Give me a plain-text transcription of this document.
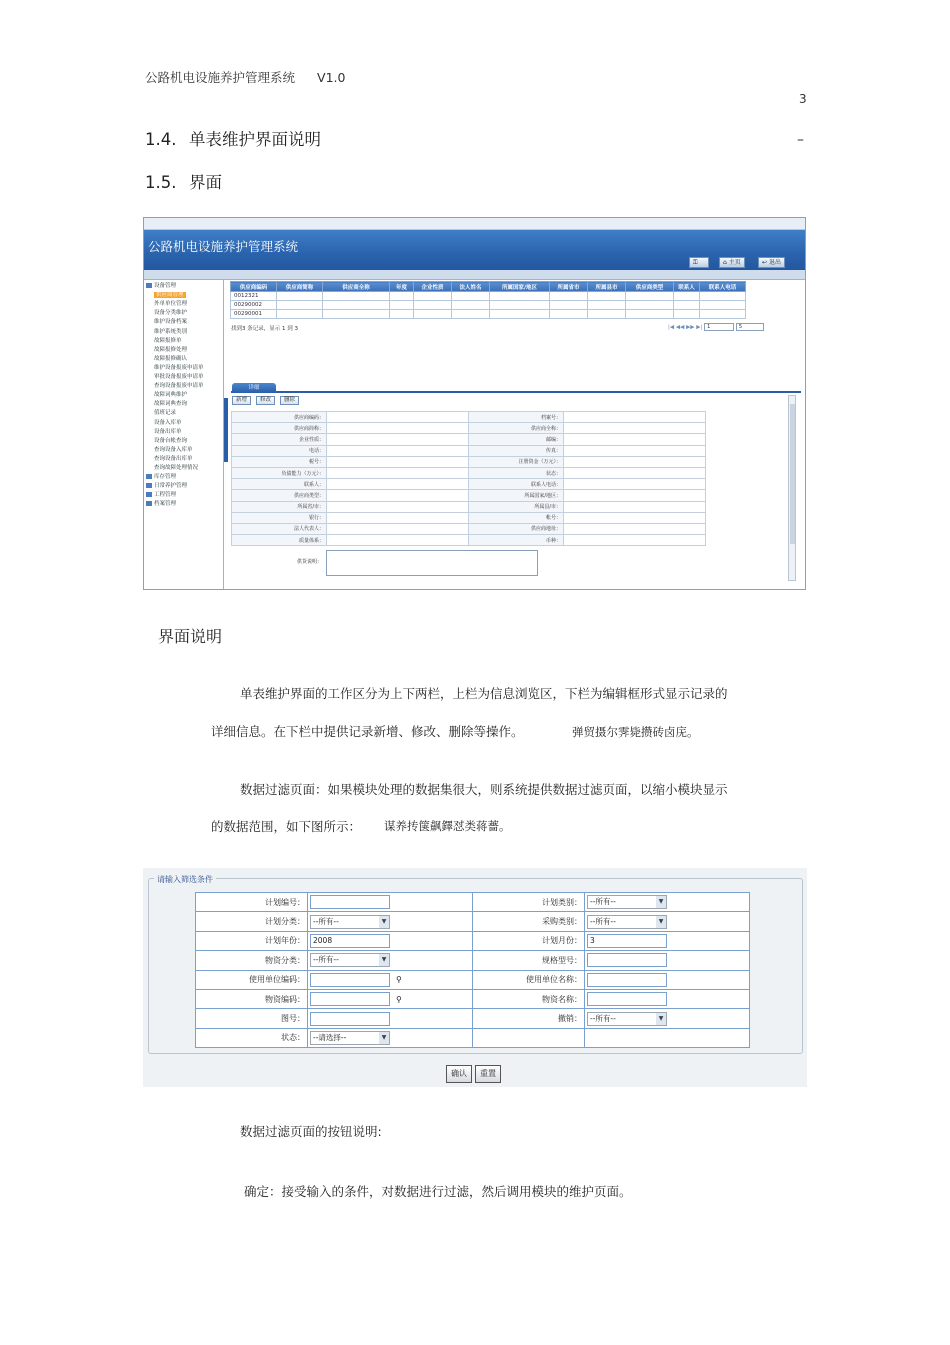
公路机电设施养护管理系统 V1.0
3
1.4. 单表维护界面说明	–
1.5. 界面
公路机电设施养护管理系统
⚿	⌂ 主页	↩ 退出
设备管理
供应商管理
外单单位管理
设备分类维护
维护设备档案
维护系统类别
故障报修单
故障报修处理
故障报修确认
维护设备报废申请单
审批设备报废申请单
查询设备报废申请单
故障词典维护
故障词典查询
值班记录
设备入库单
设备出库单
设备台帐查询
查询设备入库单
查询设备出库单
查询故障处理情况
库存管理
日常养护管理
工程管理
档案管理
供应商编码	供应商简称	供应商全称	年度	企业性质	法人姓名	所属国家/地区	所属省市	所属县市	供应商类型	联系人	联系人电话
0012321											
00290002											
00290001											
找到3 条记录，显示 1 到 3	|◀ ◀◀ ▶▶ ▶| 1	5
详细
新增	修改	删除
供应商编码：		档案号：	
供应商简称：		供应商全称：	
企业性质：		邮编：	
电话：		传真：	
税号：		注册资金（万元）：	
负债能力（万元）：		状态：	
联系人：		联系人电话：	
供应商类型：		所属国家/地区：	
所属省/市：		所属县/市：	
银行：		帐号：	
法人代表人：		供应商地址：	
质量体系：		币种：	
供货说明：
界面说明
单表维护界面的工作区分为上下两栏，上栏为信息浏览区，下栏为编辑框形式显示记录的
详细信息。在下栏中提供记录新增、修改、删除等操作。	弹贸摄尔霁毙攒砖卤庑。
数据过滤页面：如果模块处理的数据集很大，则系统提供数据过滤页面，以缩小模块显示
的数据范围，如下图所示： 谋养抟箧飙鐸怼类蒋薔。
请输入筛选条件
计划编号：		计划类别：	--所有-- ▼

计划分类：	--所有-- ▼	采购类别：	--所有-- ▼

计划年份：	2008	计划月份：	3
物资分类：	--所有-- ▼	规格型号：	
使用单位编码：	⚲	使用单位名称：	
物资编码：	⚲	物资名称：	
图号：		撤销：	--所有-- ▼

状态：	--请选择-- ▼		

确认	重置
数据过滤页面的按钮说明:
确定：接受输入的条件，对数据进行过滤，然后调用模块的维护页面。
